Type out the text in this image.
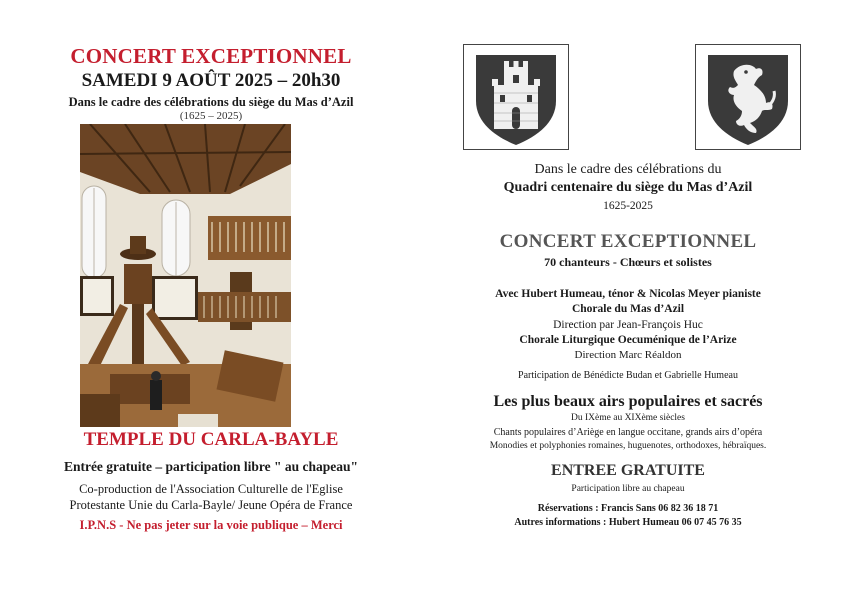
CONCERT EXCEPTIONNEL
SAMEDI 9 AOÛT 2025 – 20h30
Dans le cadre des célébrations du siège du Mas d’Azil
(1625 – 2025)
TEMPLE DU CARLA-BAYLE
Entrée gratuite – participation libre " au chapeau"
Co-production de l'Association Culturelle de l'Eglise
Protestante Unie du Carla-Bayle/ Jeune Opéra de France
I.P.N.S - Ne pas jeter sur la voie publique – Merci
Dans le cadre des célébrations du
Quadri centenaire du siège du Mas d’Azil
1625-2025
CONCERT EXCEPTIONNEL
70 chanteurs - Chœurs et solistes
Avec Hubert Humeau, ténor & Nicolas Meyer pianiste
Chorale du Mas d’Azil
Direction par Jean-François Huc
Chorale Liturgique Oecuménique de l’Arize
Direction Marc Réaldon
Participation de Bénédicte Budan et Gabrielle Humeau
Les plus beaux airs populaires et sacrés
Du IXème au XIXème siècles
Chants populaires d’Ariège en langue occitane, grands airs d’opéra
Monodies et polyphonies romaines, huguenotes, orthodoxes, hébraïques.
ENTREE GRATUITE
Participation libre au chapeau
Réservations : Francis Sans 06 82 36 18 71
Autres informations : Hubert Humeau 06 07 45 76 35
